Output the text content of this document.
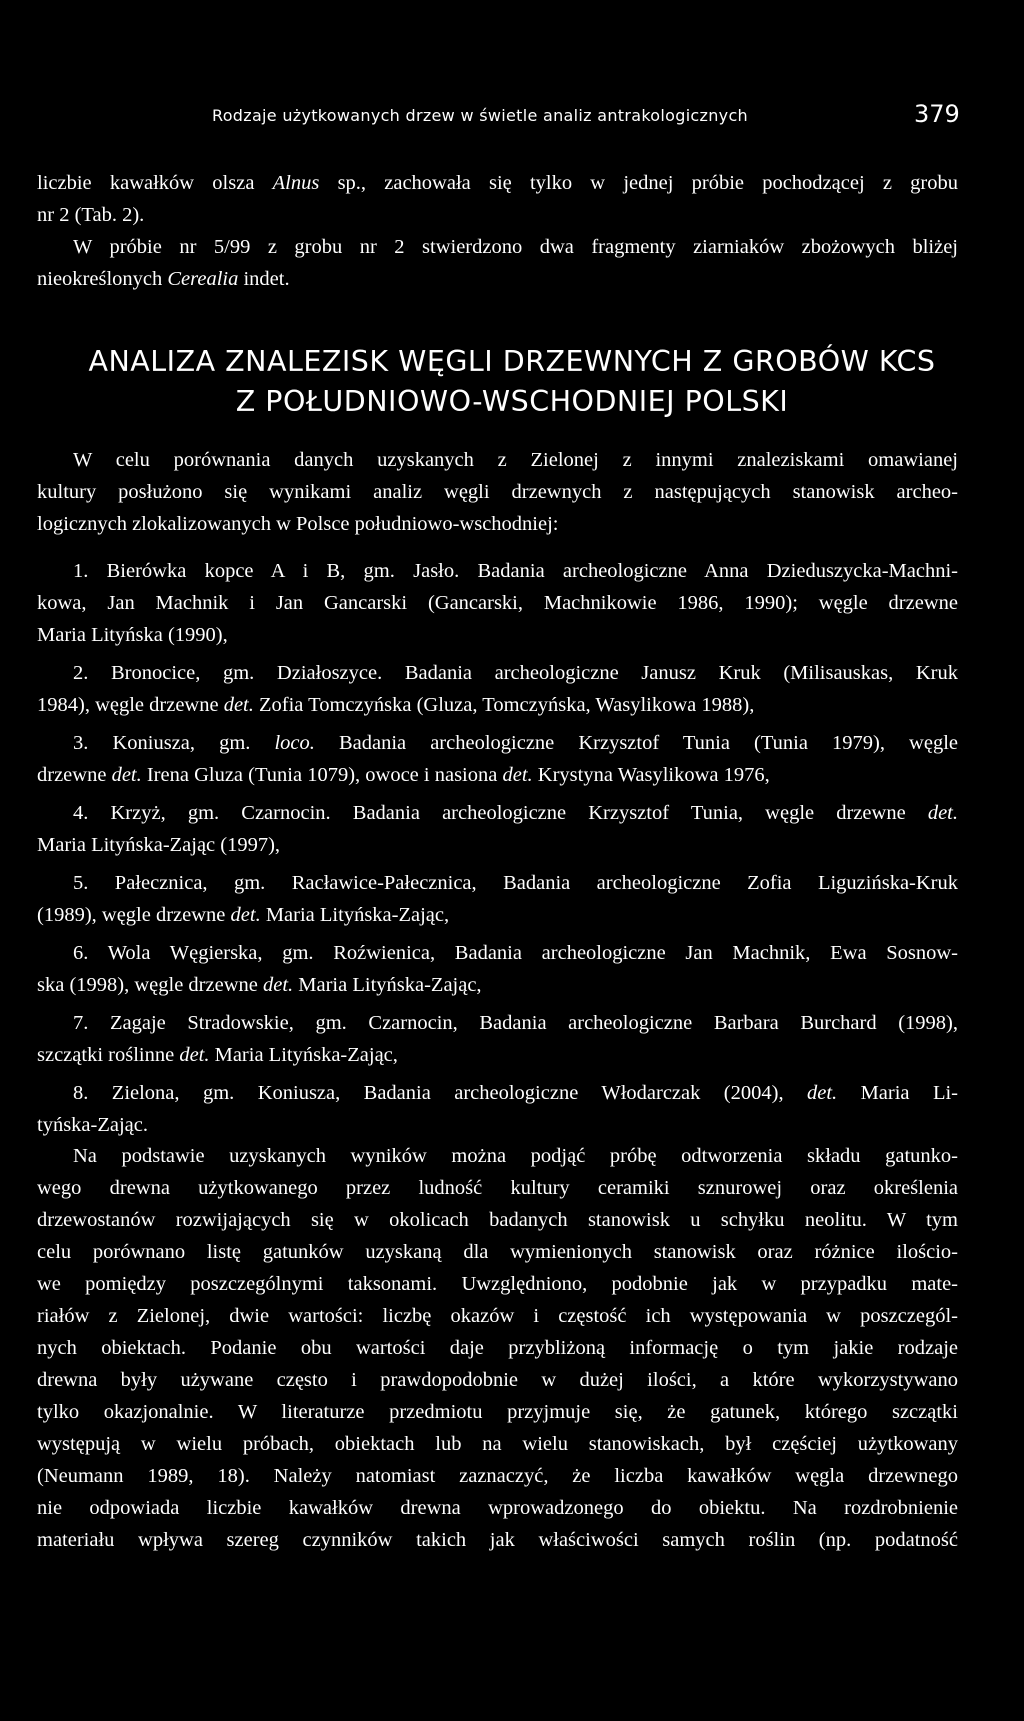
Rodzaje użytkowanych drzew w świetle analiz antrakologicznych	379
liczbie kawałków olsza Alnus sp., zachowała się tylko w jednej próbie pochodzącej z grobu
nr 2 (Tab. 2).
W próbie nr 5/99 z grobu nr 2 stwierdzono dwa fragmenty ziarniaków zbożowych bliżej
nieokreślonych Cerealia indet.
ANALIZA ZNALEZISK WĘGLI DRZEWNYCH Z GROBÓW KCS
Z POŁUDNIOWO-WSCHODNIEJ POLSKI
W celu porównania danych uzyskanych z Zielonej z innymi znaleziskami omawianej
kultury posłużono się wynikami analiz węgli drzewnych z następujących stanowisk archeo-
logicznych zlokalizowanych w Polsce południowo-wschodniej:
1. Bierówka kopce A i B, gm. Jasło. Badania archeologiczne Anna Dzieduszycka-Machni-
kowa, Jan Machnik i Jan Gancarski (Gancarski, Machnikowie 1986, 1990); węgle drzewne
Maria Lityńska (1990),
2. Bronocice, gm. Działoszyce. Badania archeologiczne Janusz Kruk (Milisauskas, Kruk
1984), węgle drzewne det. Zofia Tomczyńska (Gluza, Tomczyńska, Wasylikowa 1988),
3. Koniusza, gm. loco. Badania archeologiczne Krzysztof Tunia (Tunia 1979), węgle
drzewne det. Irena Gluza (Tunia 1079), owoce i nasiona det. Krystyna Wasylikowa 1976,
4. Krzyż, gm. Czarnocin. Badania archeologiczne Krzysztof Tunia, węgle drzewne det.
Maria Lityńska-Zając (1997),
5. Pałecznica, gm. Racławice-Pałecznica, Badania archeologiczne Zofia Liguzińska-Kruk
(1989), węgle drzewne det. Maria Lityńska-Zając,
6. Wola Węgierska, gm. Roźwienica, Badania archeologiczne Jan Machnik, Ewa Sosnow-
ska (1998), węgle drzewne det. Maria Lityńska-Zając,
7. Zagaje Stradowskie, gm. Czarnocin, Badania archeologiczne Barbara Burchard (1998),
szczątki roślinne det. Maria Lityńska-Zając,
8. Zielona, gm. Koniusza, Badania archeologiczne Włodarczak (2004), det. Maria Li-
tyńska-Zając.
Na podstawie uzyskanych wyników można podjąć próbę odtworzenia składu gatunko-
wego drewna użytkowanego przez ludność kultury ceramiki sznurowej oraz określenia
drzewostanów rozwijających się w okolicach badanych stanowisk u schyłku neolitu. W tym
celu porównano listę gatunków uzyskaną dla wymienionych stanowisk oraz różnice ilościo-
we pomiędzy poszczególnymi taksonami. Uwzględniono, podobnie jak w przypadku mate-
riałów z Zielonej, dwie wartości: liczbę okazów i częstość ich występowania w poszczegól-
nych obiektach. Podanie obu wartości daje przybliżoną informację o tym jakie rodzaje
drewna były używane często i prawdopodobnie w dużej ilości, a które wykorzystywano
tylko okazjonalnie. W literaturze przedmiotu przyjmuje się, że gatunek, którego szczątki
występują w wielu próbach, obiektach lub na wielu stanowiskach, był częściej użytkowany
(Neumann 1989, 18). Należy natomiast zaznaczyć, że liczba kawałków węgla drzewnego
nie odpowiada liczbie kawałków drewna wprowadzonego do obiektu. Na rozdrobnienie
materiału wpływa szereg czynników takich jak właściwości samych roślin (np. podatność
